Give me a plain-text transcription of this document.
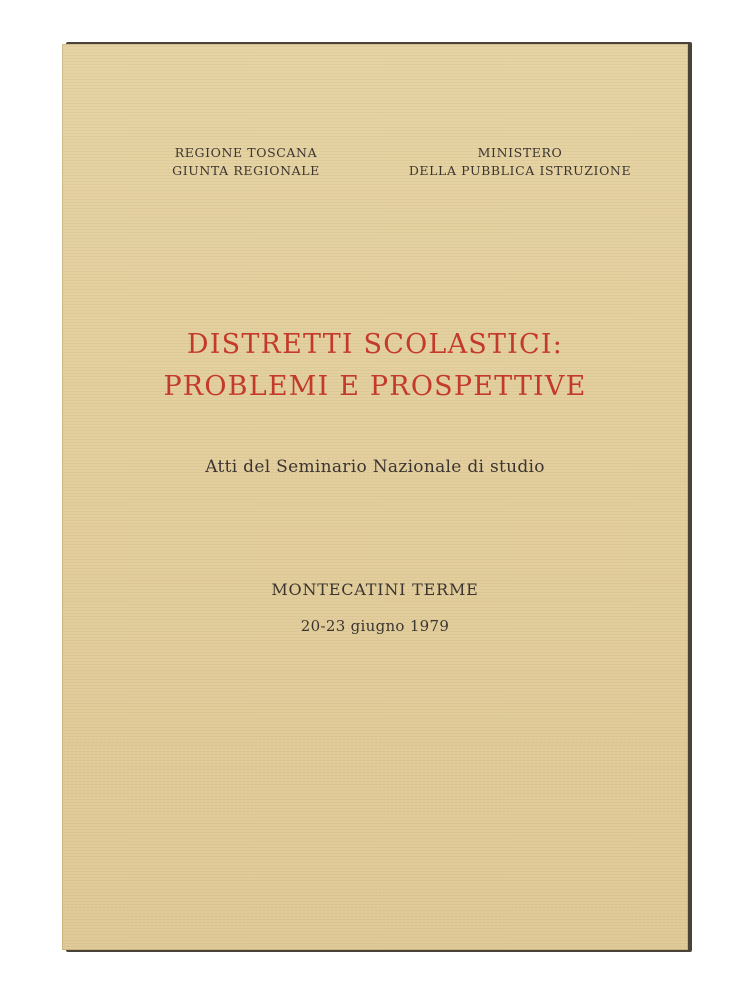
REGIONE TOSCANA
GIUNTA REGIONALE
MINISTERO
DELLA PUBBLICA ISTRUZIONE
DISTRETTI SCOLASTICI:
PROBLEMI E PROSPETTIVE
Atti del Seminario Nazionale di studio
MONTECATINI TERME
20-23 giugno 1979
